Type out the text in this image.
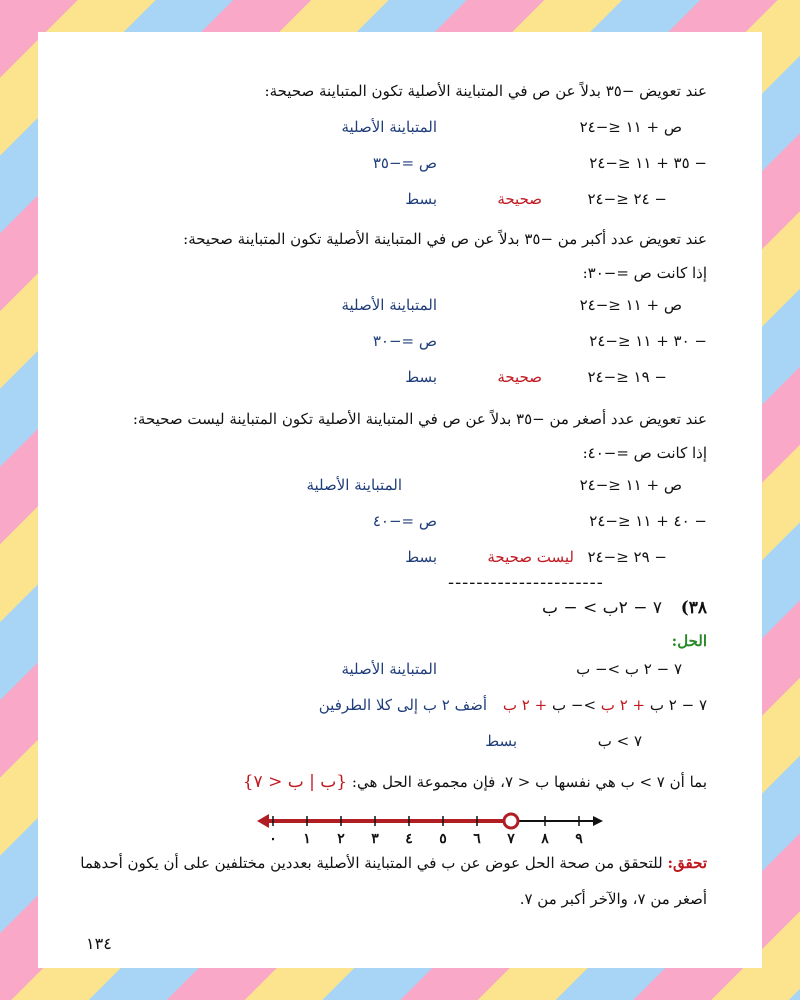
عند تعويض −٣٥ بدلاً عن ص في المتباينة الأصلية تكون المتباينة صحيحة:
ص + ١١ ≤−٢٤
المتباينة الأصلية
− ٣٥ + ١١ ≤−٢٤
ص =−٣٥
− ٢٤ ≤−٢٤
صحيحة
بسط
عند تعويض عدد أكبر من −٣٥ بدلاً عن ص في المتباينة الأصلية تكون المتباينة صحيحة:
إذا كانت ص =−٣٠:
ص + ١١ ≤−٢٤
المتباينة الأصلية
− ٣٠ + ١١ ≤−٢٤
ص =−٣٠
− ١٩ ≤−٢٤
صحيحة
بسط
عند تعويض عدد أصغر من −٣٥ بدلاً عن ص في المتباينة الأصلية تكون المتباينة ليست صحيحة:
إذا كانت ص =−٤٠:
ص + ١١ ≤−٢٤
المتباينة الأصلية
− ٤٠ + ١١ ≤−٢٤
ص =−٤٠
− ٢٩ ≤−٢٤
ليست صحيحة
بسط
----------------------
٣٨)
٧ − ٢ب > − ب
الحل:
٧ − ٢ ب >− ب
المتباينة الأصلية
٧ − ٢ ب + ٢ ب >− ب + ٢ ب
أضف ٢ ب إلى كلا الطرفين
٧ > ب
بسط
بما أن ٧ > ب هي نفسها ب < ٧، فإن مجموعة الحل هي: {ب | ب < ٧}
٠ ١ ٢ ٣ ٤ ٥ ٦ ٧ ٨ ٩
تحقق: للتحقق من صحة الحل عوض عن ب في المتباينة الأصلية بعددين مختلفين على أن يكون أحدهما
أصغر من ٧، والآخر أكبر من ٧.
١٣٤
